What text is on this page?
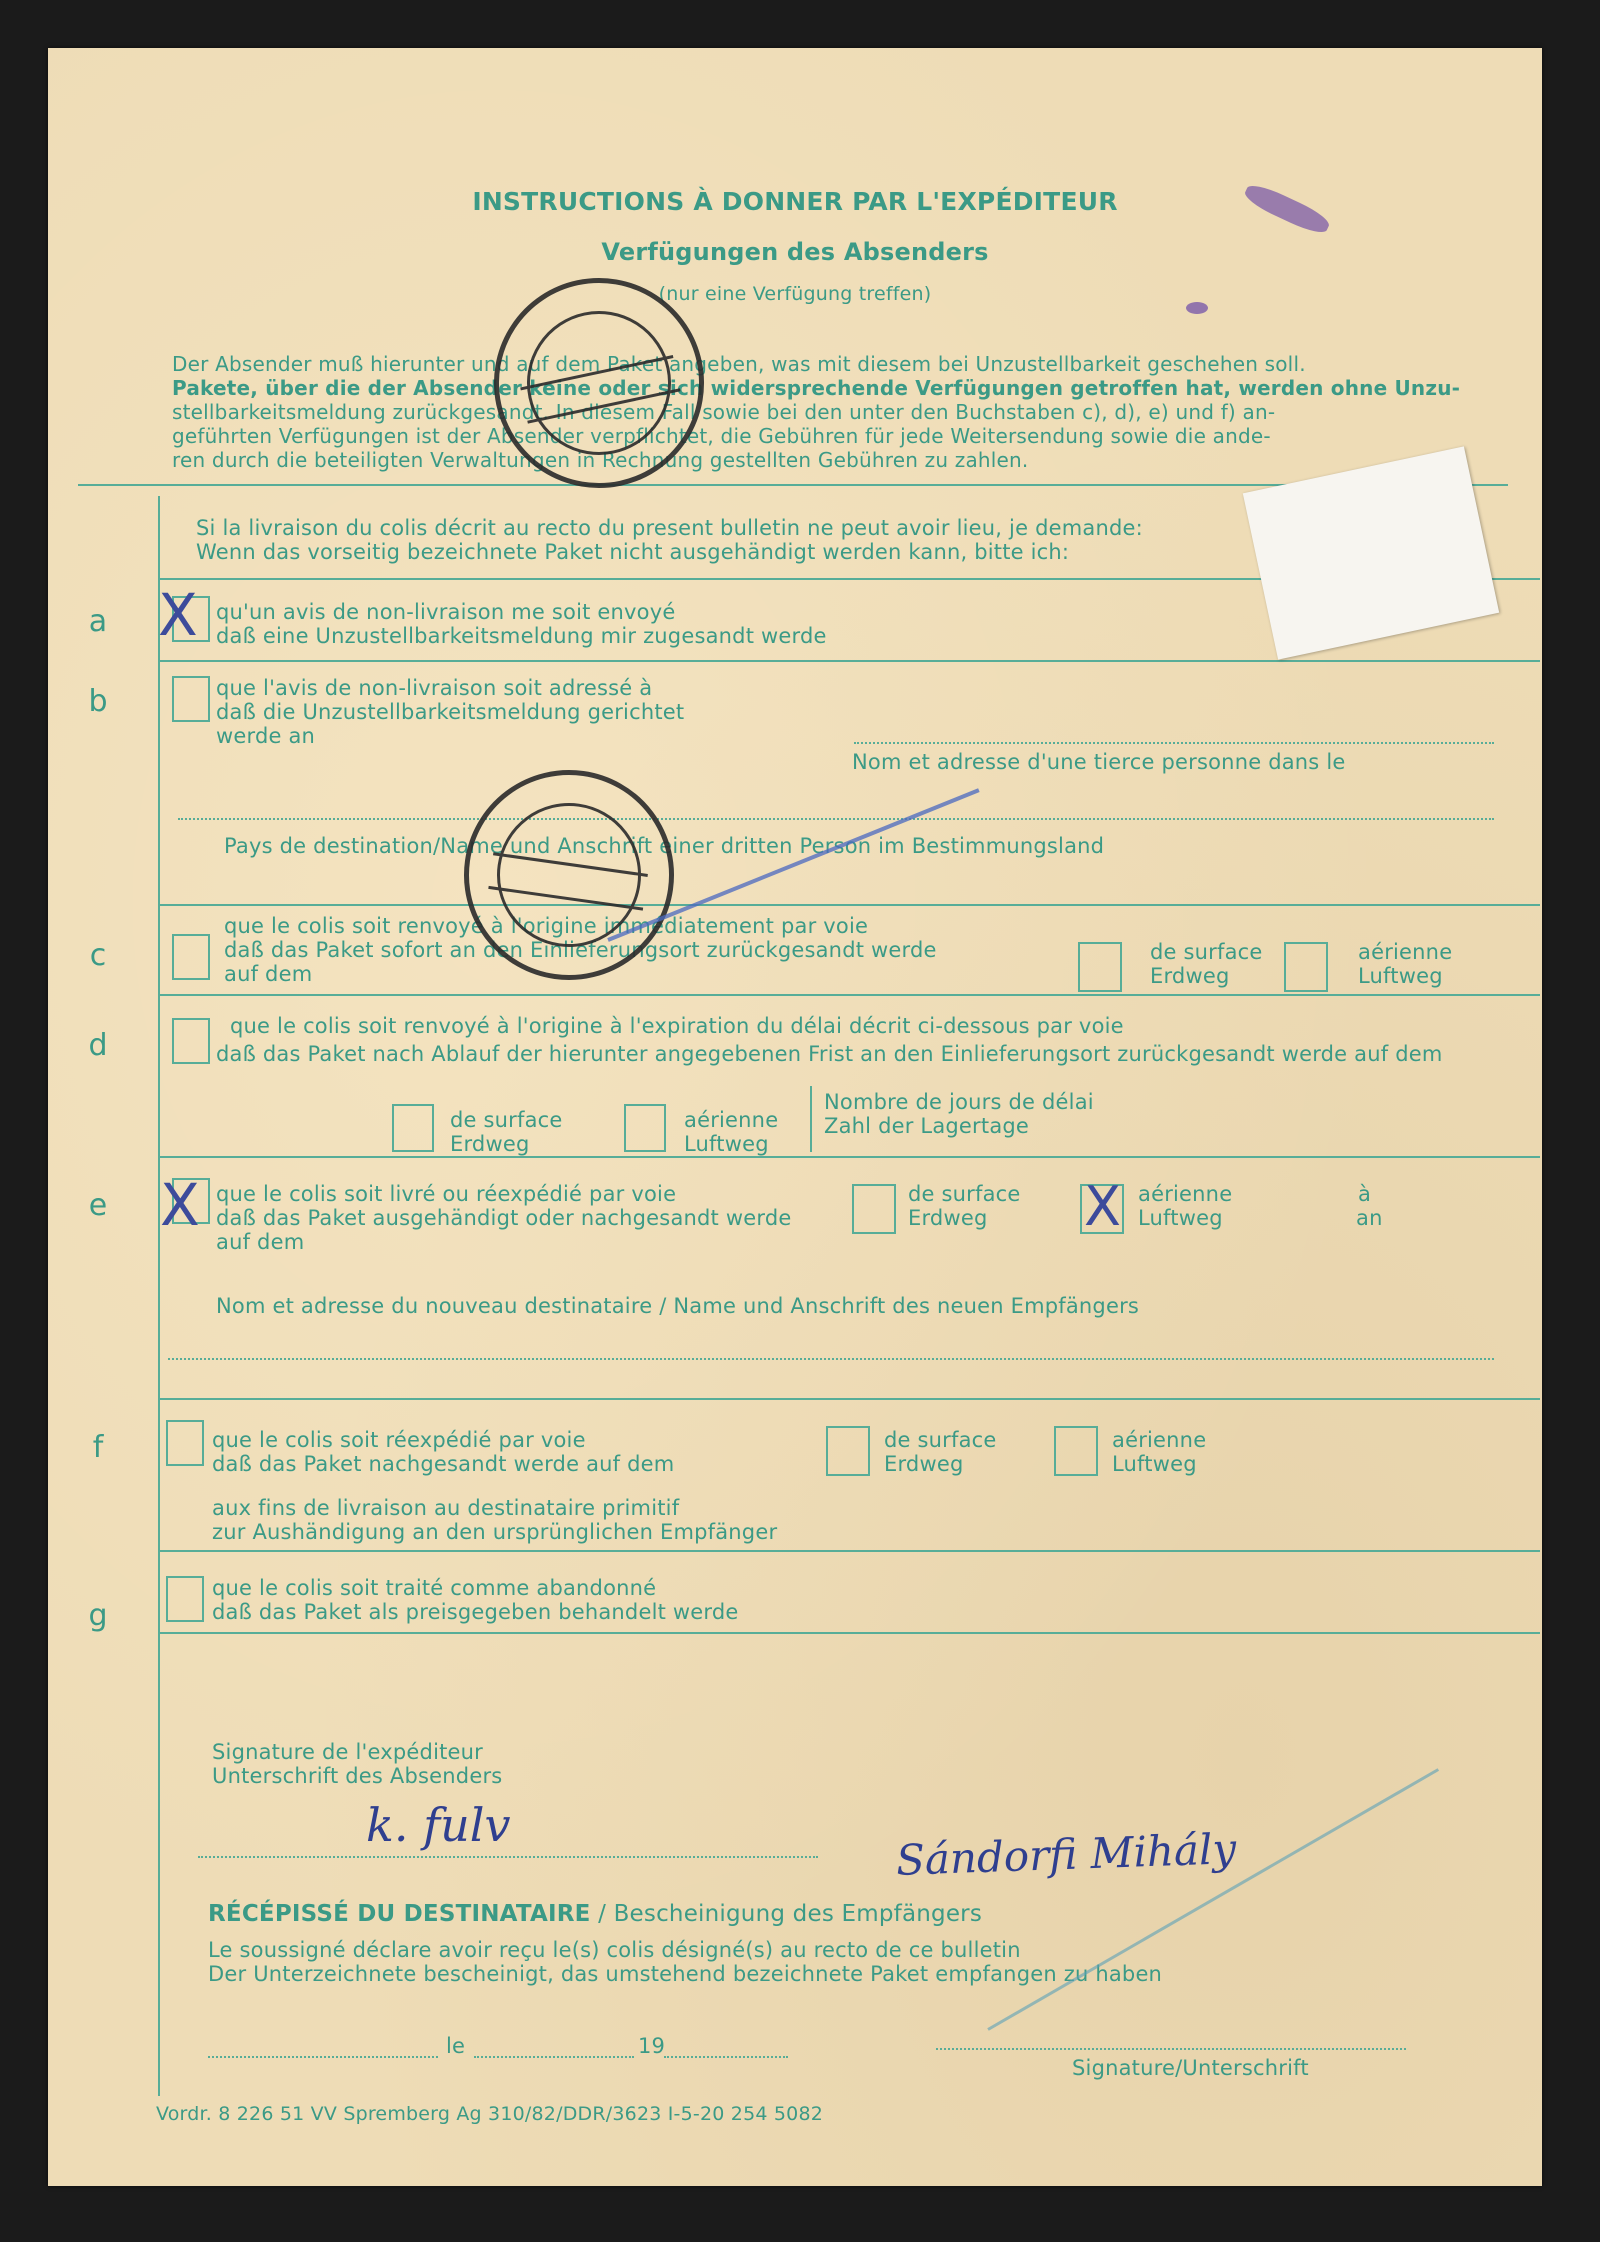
INSTRUCTIONS À DONNER PAR L'EXPÉDITEUR
Verfügungen des Absenders
(nur eine Verfügung treffen)
Der Absender muß hierunter und auf dem Paket angeben, was mit diesem bei Unzustellbarkeit geschehen soll.
Pakete, über die der Absender keine oder sich widersprechende Verfügungen getroffen hat, werden ohne Unzu-
stellbarkeitsmeldung zurückgesandt. In diesem Fall sowie bei den unter den Buchstaben c), d), e) und f) an-
geführten Verfügungen ist der Absender verpflichtet, die Gebühren für jede Weitersendung sowie die ande-
ren durch die beteiligten Verwaltungen in Rechnung gestellten Gebühren zu zahlen.
Si la livraison du colis décrit au recto du present bulletin ne peut avoir lieu, je demande:
Wenn das vorseitig bezeichnete Paket nicht ausgehändigt werden kann, bitte ich:
a X qu'un avis de non-livraison me soit envoyé
daß eine Unzustellbarkeitsmeldung mir zugesandt werde
b	que l'avis de non-livraison soit adressé à
daß die Unzustellbarkeitsmeldung gerichtet
werde an
Nom et adresse d'une tierce personne dans le
Pays de destination/Name und Anschrift einer dritten Person im Bestimmungsland
c
que le colis soit renvoyé à l'origine immédiatement par voie
daß das Paket sofort an den Einlieferungsort zurückgesandt werde
auf dem
de surface
Erdweg
aérienne
Luftweg
d
que le colis soit renvoyé à l'origine à l'expiration du délai décrit ci-dessous par voie
daß das Paket nach Ablauf der hierunter angegebenen Frist an den Einlieferungsort zurückgesandt werde auf dem
de surface
Erdweg
aérienne
Luftweg
Nombre de jours de délai
Zahl der Lagertage
e X que le colis soit livré ou réexpédié par voie
daß das Paket ausgehändigt oder nachgesandt werde
auf dem
de surface
Erdweg X aérienne
Luftweg
à
an
Nom et adresse du nouveau destinataire / Name und Anschrift des neuen Empfängers
f	que le colis soit réexpédié par voie
daß das Paket nachgesandt werde auf dem
de surface
Erdweg
aérienne
Luftweg
aux fins de livraison au destinataire primitif
zur Aushändigung an den ursprünglichen Empfänger
g
que le colis soit traité comme abandonné
daß das Paket als preisgegeben behandelt werde
Signature de l'expéditeur
Unterschrift des Absenders
k. fulv
RÉCÉPISSÉ DU DESTINATAIRE / Bescheinigung des Empfängers
Le soussigné déclare avoir reçu le(s) colis désigné(s) au recto de ce bulletin
Der Unterzeichnete bescheinigt, das umstehend bezeichnete Paket empfangen zu haben
Sándorfi Mihály
le	19
Signature/Unterschrift
Vordr. 8 226 51 VV Spremberg Ag 310/82/DDR/3623 I-5-20 254 5082
